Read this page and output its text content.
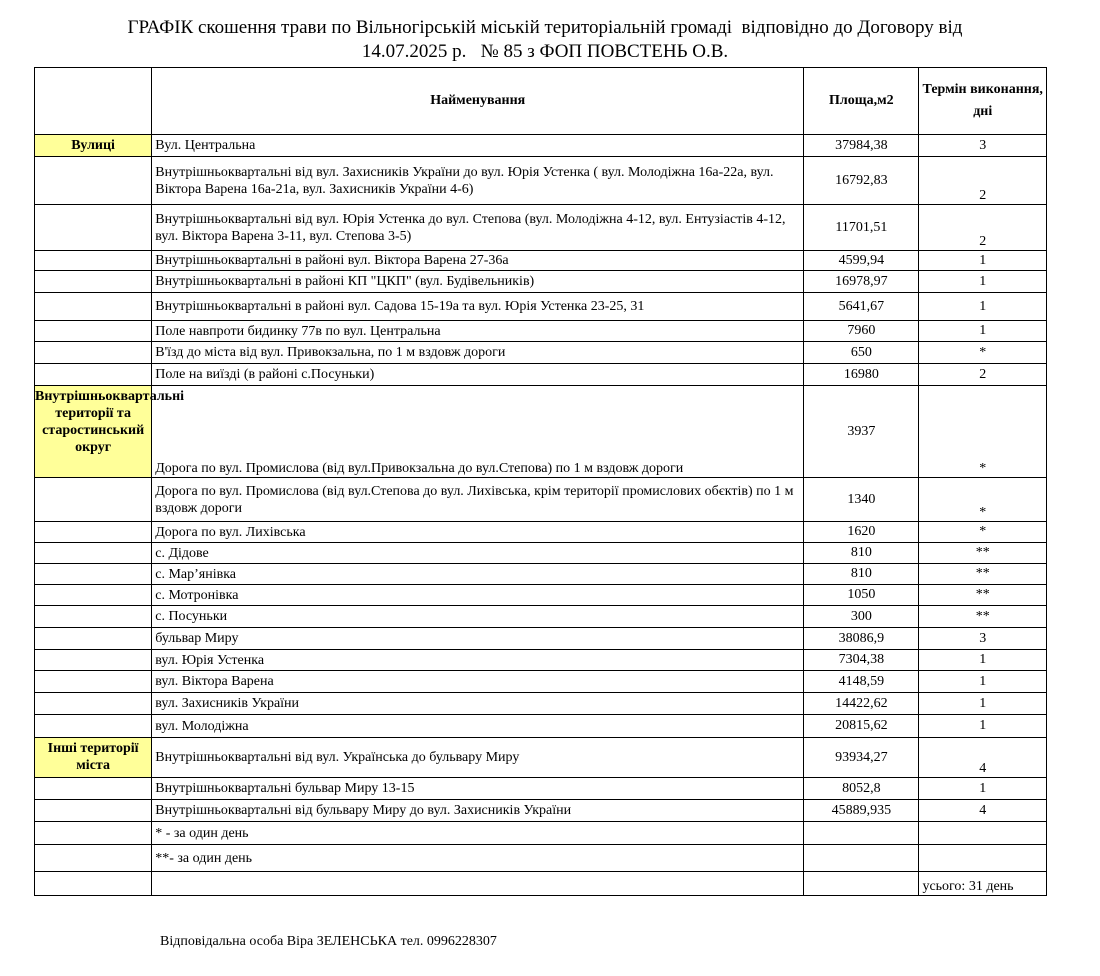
ГРАФІК скошення трави по Вільногірській міській територіальній громаді  відповідно до Договору від
14.07.2025 р.   № 85 з ФОП ПОВСТЕНЬ О.В.
	Найменування	Площа,м2	Термін виконання, дні
Вулиці	Вул. Центральна	37984,38	3
	Внутрішньоквартальні від вул. Захисників України до вул. Юрія Устенка ( вул. Молодіжна 16а-22а, вул. Віктора Варена 16а-21а, вул. Захисників України 4-6)	16792,83	2
	Внутрішньоквартальні від вул. Юрія Устенка до вул. Степова (вул. Молодіжна 4-12, вул. Ентузіастів 4-12, вул. Віктора Варена 3-11, вул. Степова 3-5)	11701,51	2
	Внутрішньоквартальні в районі вул. Віктора Варена 27-36а	4599,94	1
	Внутрішньоквартальні в районі КП "ЦКП" (вул. Будівельників)	16978,97	1
	Внутрішньоквартальні в районі вул. Садова 15-19а та вул. Юрія Устенка 23-25, 31	5641,67	1
	Поле навпроти бидинку 77в по вул. Центральна	7960	1
	В'їзд до міста від вул. Привокзальна, по 1 м вздовж дороги	650	*
	Поле на виїзді (в районі с.Посуньки)	16980	2

Внутрішньоквартальні території та старостинський округ	Дорога по вул. Промислова (від вул.Привокзальна до вул.Степова) по 1 м вздовж дороги	3937	*
	Дорога по вул. Промислова (від вул.Степова до вул. Лихівська, крім території промислових обєктів) по 1 м вздовж дороги	1340	*
	Дорога по вул. Лихівська	1620	*
	с. Дідове	810	**
	с. Мар’янівка	810	**
	с. Мотронівка	1050	**
	с. Посуньки	300	**
	бульвар Миру	38086,9	3
	вул. Юрія Устенка	7304,38	1
	вул. Віктора Варена	4148,59	1
	вул. Захисників України	14422,62	1
	вул. Молодіжна	20815,62	1

Інші території міста	Внутрішньоквартальні від вул. Українська до бульвару Миру	93934,27	4
	Внутрішньоквартальні бульвар Миру 13-15	8052,8	1
	Внутрішньоквартальні від бульвару Миру до вул. Захисників України	45889,935	4
	* - за один день		
	**- за один день		
			усього: 31 день
Відповідальна особа Віра ЗЕЛЕНСЬКА тел. 0996228307
